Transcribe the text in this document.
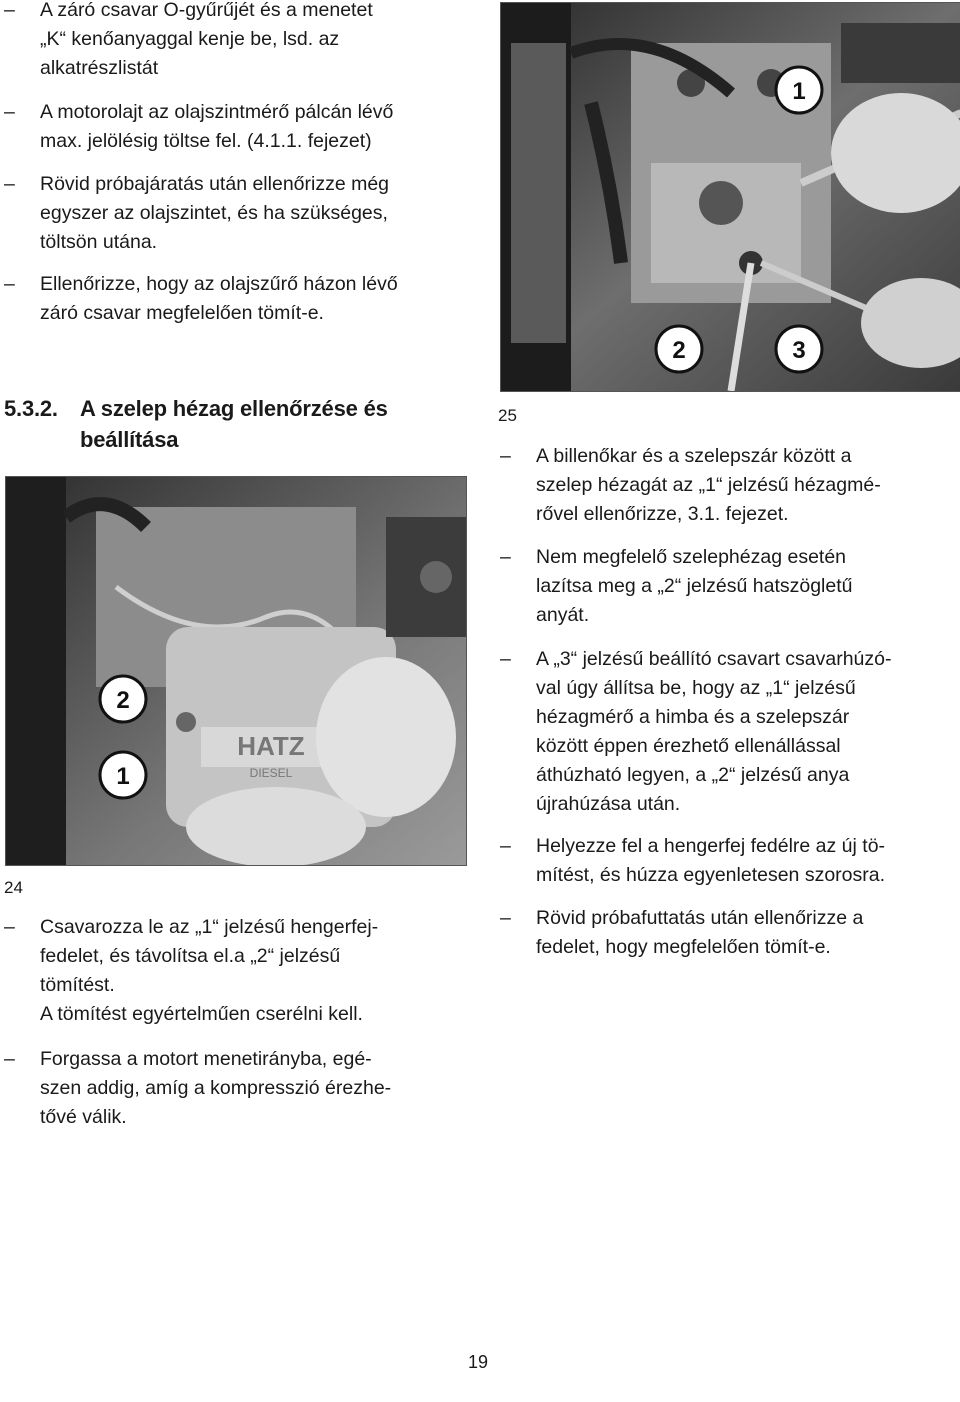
– A záró csavar O-gyűrűjét és a menetet
„K“ kenőanyaggal kenje be, lsd. az
alkatrészlistát
– A motorolajt az olajszintmérő pálcán lévő
max. jelölésig töltse fel. (4.1.1. fejezet)
– Rövid próbajáratás után ellenőrizze még
egyszer az olajszintet, és ha szükséges,
töltsön utána.
– Ellenőrizze, hogy az olajszűrő házon lévő
záró csavar megfelelően tömít-e.
5.3.2. A szelep hézag ellenőrzése és
beállítása
1
2	3
25
HATZ
DIESEL
2
1
24
– Csavarozza le az „1“ jelzésű hengerfej-
fedelet, és távolítsa el.a „2“ jelzésű
tömítést.
A tömítést egyértelműen cserélni kell.
– Forgassa a motort menetirányba, egé-
szen addig, amíg a kompresszió érezhe-
tővé válik.
– A billenőkar és a szelepszár között a
szelep hézagát az „1“ jelzésű hézagmé-
rővel ellenőrizze, 3.1. fejezet.
– Nem megfelelő szelephézag esetén
lazítsa meg a „2“ jelzésű hatszögletű
anyát.
– A „3“ jelzésű beállító csavart csavarhúzó-
val úgy állítsa be, hogy az „1“ jelzésű
hézagmérő a himba és a szelepszár
között éppen érezhető ellenállással
áthúzható legyen, a „2“ jelzésű anya
újrahúzása után.
– Helyezze fel a hengerfej fedélre az új tö-
mítést, és húzza egyenletesen szorosra.
– Rövid próbafuttatás után ellenőrizze a
fedelet, hogy megfelelően tömít-e.
19
